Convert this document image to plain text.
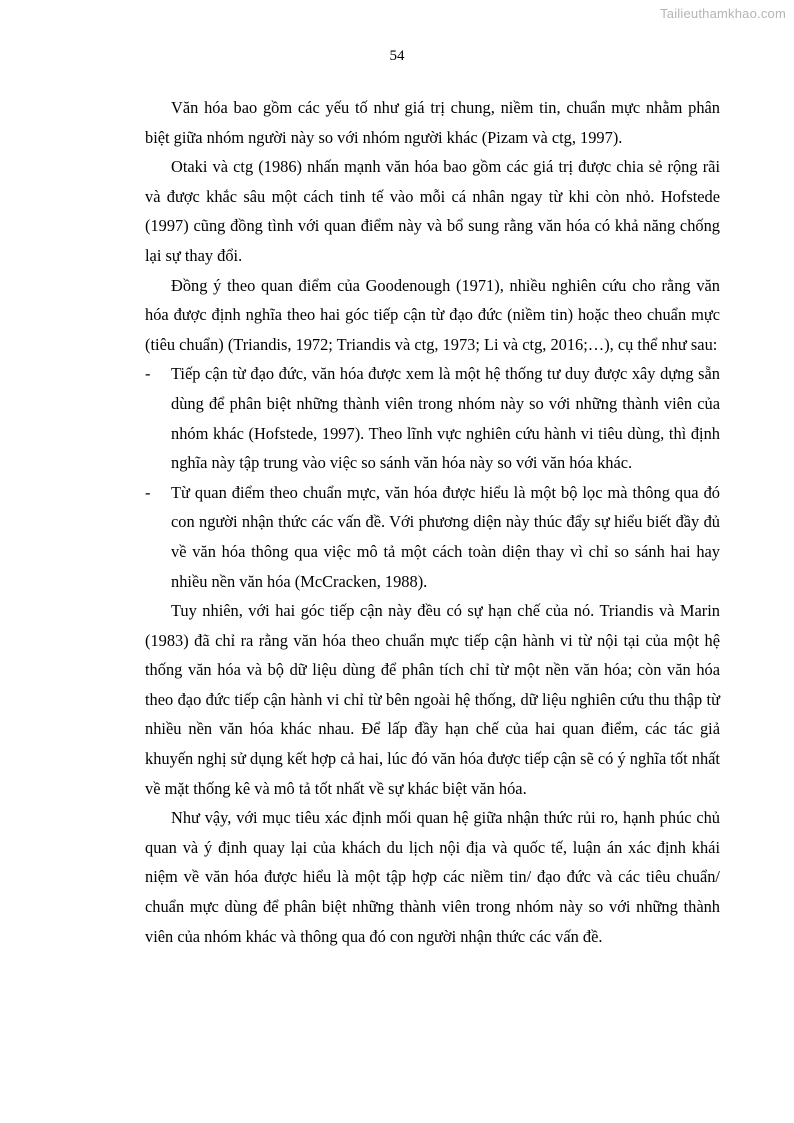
Tailieuthamkhao.com
54

Văn hóa bao gồm các yếu tố như giá trị chung, niềm tin, chuẩn mực nhằm phân biệt giữa nhóm người này so với nhóm người khác (Pizam và ctg, 1997).

Otaki và ctg (1986) nhấn mạnh văn hóa bao gồm các giá trị được chia sẻ rộng rãi và được khắc sâu một cách tinh tế vào mỗi cá nhân ngay từ khi còn nhỏ. Hofstede (1997) cũng đồng tình với quan điểm này và bổ sung rằng văn hóa có khả năng chống lại sự thay đổi.

Đồng ý theo quan điểm của Goodenough (1971), nhiều nghiên cứu cho rằng văn hóa được định nghĩa theo hai góc tiếp cận từ đạo đức (niềm tin) hoặc theo chuẩn mực (tiêu chuẩn) (Triandis, 1972; Triandis và ctg, 1973; Li và ctg, 2016;…), cụ thể như sau:

- Tiếp cận từ đạo đức, văn hóa được xem là một hệ thống tư duy được xây dựng sẵn dùng để phân biệt những thành viên trong nhóm này so với những thành viên của nhóm khác (Hofstede, 1997). Theo lĩnh vực nghiên cứu hành vi tiêu dùng, thì định nghĩa này tập trung vào việc so sánh văn hóa này so với văn hóa khác.
- Từ quan điểm theo chuẩn mực, văn hóa được hiểu là một bộ lọc mà thông qua đó con người nhận thức các vấn đề. Với phương diện này thúc đẩy sự hiểu biết đầy đủ về văn hóa thông qua việc mô tả một cách toàn diện thay vì chỉ so sánh hai hay nhiều nền văn hóa (McCracken, 1988).

Tuy nhiên, với hai góc tiếp cận này đều có sự hạn chế của nó. Triandis và Marin (1983) đã chỉ ra rằng văn hóa theo chuẩn mực tiếp cận hành vi từ nội tại của một hệ thống văn hóa và bộ dữ liệu dùng để phân tích chỉ từ một nền văn hóa; còn văn hóa theo đạo đức tiếp cận hành vi chỉ từ bên ngoài hệ thống, dữ liệu nghiên cứu thu thập từ nhiều nền văn hóa khác nhau. Để lấp đầy hạn chế của hai quan điểm, các tác giả khuyến nghị sử dụng kết hợp cả hai, lúc đó văn hóa được tiếp cận sẽ có ý nghĩa tốt nhất về mặt thống kê và mô tả tốt nhất về sự khác biệt văn hóa.

Như vậy, với mục tiêu xác định mối quan hệ giữa nhận thức rủi ro, hạnh phúc chủ quan và ý định quay lại của khách du lịch nội địa và quốc tế, luận án xác định khái niệm về văn hóa được hiểu là một tập hợp các niềm tin/ đạo đức và các tiêu chuẩn/ chuẩn mực dùng để phân biệt những thành viên trong nhóm này so với những thành viên của nhóm khác và thông qua đó con người nhận thức các vấn đề.
